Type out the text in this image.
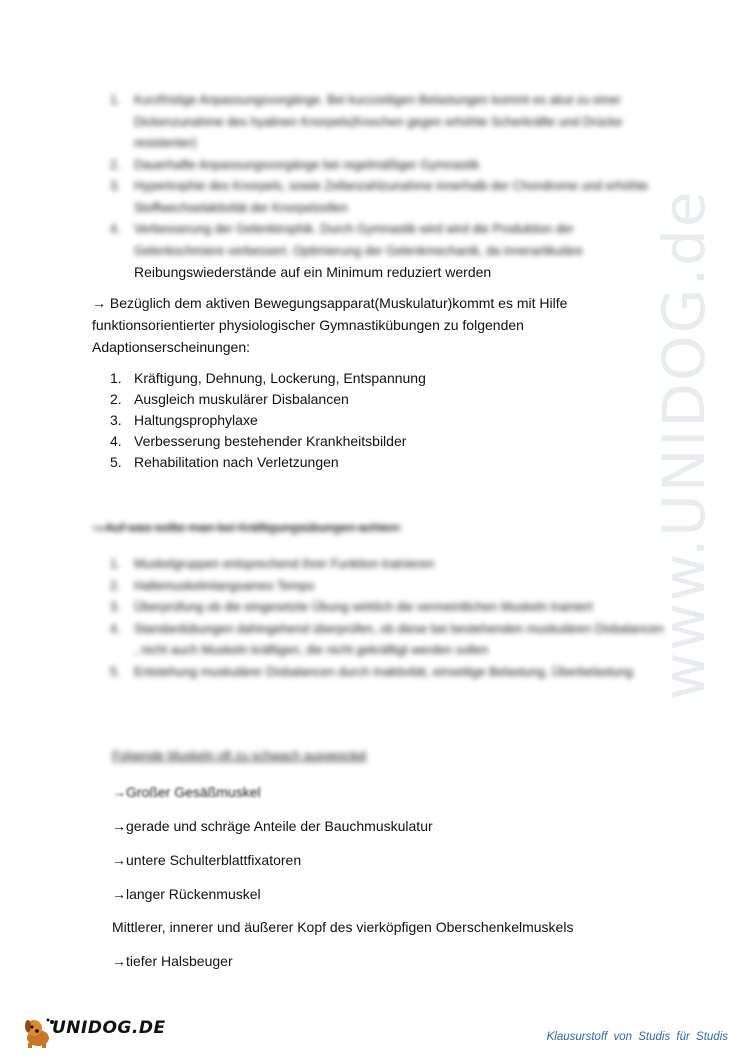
www.UNIDOG.de
1. Kurzfristige Anpassungsvorgänge. Bei kurzzeitigen Belastungen kommt es akut zu einer Dickenzunahme des hyalinen Knorpels(Knochen gegen erhöhte Scherkräfte und Drücke resistenter)
2. Dauerhafte Anpassungsvorgänge bei regelmäßiger Gymnastik
3. Hypertrophie des Knorpels, sowie Zellanzahlzunahme innerhalb der Chondrome und erhöhte Stoffwechselaktivität der Knorpelzellen
4. Verbesserung der Gelenktrophik. Durch Gymnastik wird wird die Produktion der Gelenkschmiere verbessert. Optimierung der Gelenkmechanik, da innerartikuläre
Reibungswiederstände auf ein Minimum reduziert werden
→ Bezüglich dem aktiven Bewegungsapparat(Muskulatur)kommt es mit Hilfe funktionsorientierter physiologischer Gymnastikübungen zu folgenden Adaptionserscheinungen:
1. Kräftigung, Dehnung, Lockerung, Entspannung
2. Ausgleich muskulärer Disbalancen
3. Haltungsprophylaxe
4. Verbesserung bestehender Krankheitsbilder
5. Rehabilitation nach Verletzungen
→Auf was sollte man bei Kräftigungsübungen achten:
1. Muskelgruppen entsprechend ihrer Funktion trainieren
2. Haltemuskelmlangsames Tempo
3. Überprüfung ob die eingesetzte Übung wirklich die vermeintlichen Muskeln trainiert
4. Standardübungen dahingehend überprüfen, ob diese bei bestehenden muskulären Disbalancen , nicht auch Muskeln kräftigen, die nicht gekräftigt werden sollen
5. Entstehung muskulärer Disbalancen durch Inaktivität, einseitige Belastung, Überbelastung
Folgende Muskeln oft zu schwach ausgeprägt
→Großer Gesäßmuskel
→gerade und schräge Anteile der Bauchmuskulatur
→untere Schulterblattfixatoren
→langer Rückenmuskel
Mittlerer, innerer und äußerer Kopf des vierköpfigen Oberschenkelmuskels
→tiefer Halsbeuger
UNIDOG.DE	Klausurstoff von Studis für Studis
